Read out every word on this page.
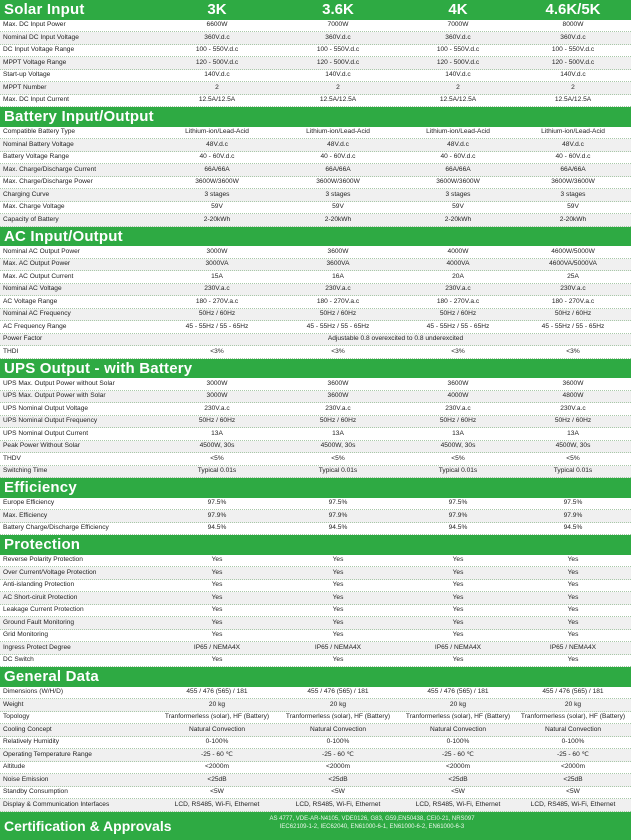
Solar Input	3K	3.6K	4K	4.6K/5K
Max. DC Input Power	6600W	7000W	7000W	8000W
Nominal DC Input Voltage	360V.d.c	360V.d.c	360V.d.c	360V.d.c
DC Input Voltage Range	100 - 550V.d.c	100 - 550V.d.c	100 - 550V.d.c	100 - 550V.d.c
MPPT Voltage Range	120 - 500V.d.c	120 - 500V.d.c	120 - 500V.d.c	120 - 500V.d.c
Start-up Voltage	140V.d.c	140V.d.c	140V.d.c	140V.d.c
MPPT Number	2	2	2	2
Max. DC Input Current	12.5A/12.5A	12.5A/12.5A	12.5A/12.5A	12.5A/12.5A
Battery Input/Output
Compatible Battery Type	Lithium-ion/Lead-Acid	Lithium-ion/Lead-Acid	Lithium-ion/Lead-Acid	Lithium-ion/Lead-Acid
Nominal Battery Voltage	48V.d.c	48V.d.c	48V.d.c	48V.d.c
Battery Voltage Range	40 - 60V.d.c	40 - 60V.d.c	40 - 60V.d.c	40 - 60V.d.c
Max. Charge/Discharge Current	66A/66A	66A/66A	66A/66A	66A/66A
Max. Charge/Discharge Power	3600W/3600W	3600W/3600W	3600W/3600W	3600W/3600W
Charging Curve	3 stages	3 stages	3 stages	3 stages
Max. Charge Voltage	59V	59V	59V	59V
Capacity of Battery	2-20kWh	2-20kWh	2-20kWh	2-20kWh
AC Input/Output
Nominal AC Output Power	3000W	3600W	4000W	4600W/5000W
Max. AC Output Power	3000VA	3600VA	4000VA	4600VA/5000VA
Max. AC Output Current	15A	16A	20A	25A
Nominal AC Voltage	230V.a.c	230V.a.c	230V.a.c	230V.a.c
AC Voltage Range	180 - 270V.a.c	180 - 270V.a.c	180 - 270V.a.c	180 - 270V.a.c
Nominal AC Frequency	50Hz / 60Hz	50Hz / 60Hz	50Hz / 60Hz	50Hz / 60Hz
AC Frequency Range	45 - 55Hz / 55 - 65Hz	45 - 55Hz / 55 - 65Hz	45 - 55Hz / 55 - 65Hz	45 - 55Hz / 55 - 65Hz
Power Factor	Adjustable 0.8 overexcited to 0.8 underexcited
THDI	<3%	<3%	<3%	<3%
UPS Output - with Battery
UPS Max. Output Power without Solar	3000W	3600W	3600W	3600W
UPS Max. Output Power with Solar	3000W	3600W	4000W	4800W
UPS Nominal Output Voltage	230V.a.c	230V.a.c	230V.a.c	230V.a.c
UPS Nominal Output Frequency	50Hz / 60Hz	50Hz / 60Hz	50Hz / 60Hz	50Hz / 60Hz
UPS Nominal Output Current	13A	13A	13A	13A
Peak Power Without Solar	4500W, 30s	4500W, 30s	4500W, 30s	4500W, 30s
THDV	<5%	<5%	<5%	<5%
Switching Time	Typical 0.01s	Typical 0.01s	Typical 0.01s	Typical 0.01s
Efficiency
Europe Efficiency	97.5%	97.5%	97.5%	97.5%
Max. Efficiency	97.9%	97.9%	97.9%	97.9%
Battery Charge/Discharge Efficiency	94.5%	94.5%	94.5%	94.5%
Protection
Reverse Polarity Protection	Yes	Yes	Yes	Yes
Over Current/Voltage Protection	Yes	Yes	Yes	Yes
Anti-islanding Protection	Yes	Yes	Yes	Yes
AC Short-ciruit Protection	Yes	Yes	Yes	Yes
Leakage Current Protection	Yes	Yes	Yes	Yes
Ground Fault Monitoring	Yes	Yes	Yes	Yes
Grid Monitoring	Yes	Yes	Yes	Yes
Ingress Protect Degree	IP65 / NEMA4X	IP65 / NEMA4X	IP65 / NEMA4X	IP65 / NEMA4X
DC Switch	Yes	Yes	Yes	Yes
General Data
Dimensions (W/H/D)	455 / 476 (565) / 181	455 / 476 (565) / 181	455 / 476 (565) / 181	455 / 476 (565) / 181
Weight	20 kg	20 kg	20 kg	20 kg
Topology	Tranformerless (solar), HF (Battery)	Tranformerless (solar), HF (Battery)	Tranformerless (solar), HF (Battery)	Tranformerless (solar), HF (Battery)
Cooling Concept	Natural Convection	Natural Convection	Natural Convection	Natural Convection
Relatively Humidity	0-100%	0-100%	0-100%	0-100%
Operating Temperature Range	-25 - 60 ℃	-25 - 60 ℃	-25 - 60 ℃	-25 - 60 ℃
Altitude	<2000m	<2000m	<2000m	<2000m
Noise Emission	<25dB	<25dB	<25dB	<25dB
Standby Consumption	<5W	<5W	<5W	<5W
Display & Communication Interfaces	LCD, RS485, Wi-Fi, Ethernet	LCD, RS485, Wi-Fi, Ethernet	LCD, RS485, Wi-Fi, Ethernet	LCD, RS485, Wi-Fi, Ethernet
Certification & Approvals	AS 4777, VDE-AR-N4105, VDE0126, G83, G59,EN50438, CEI0-21, NRS097
IEC62109-1-2, IEC62040, EN61000-6-1, EN61000-6-2, EN61000-6-3
